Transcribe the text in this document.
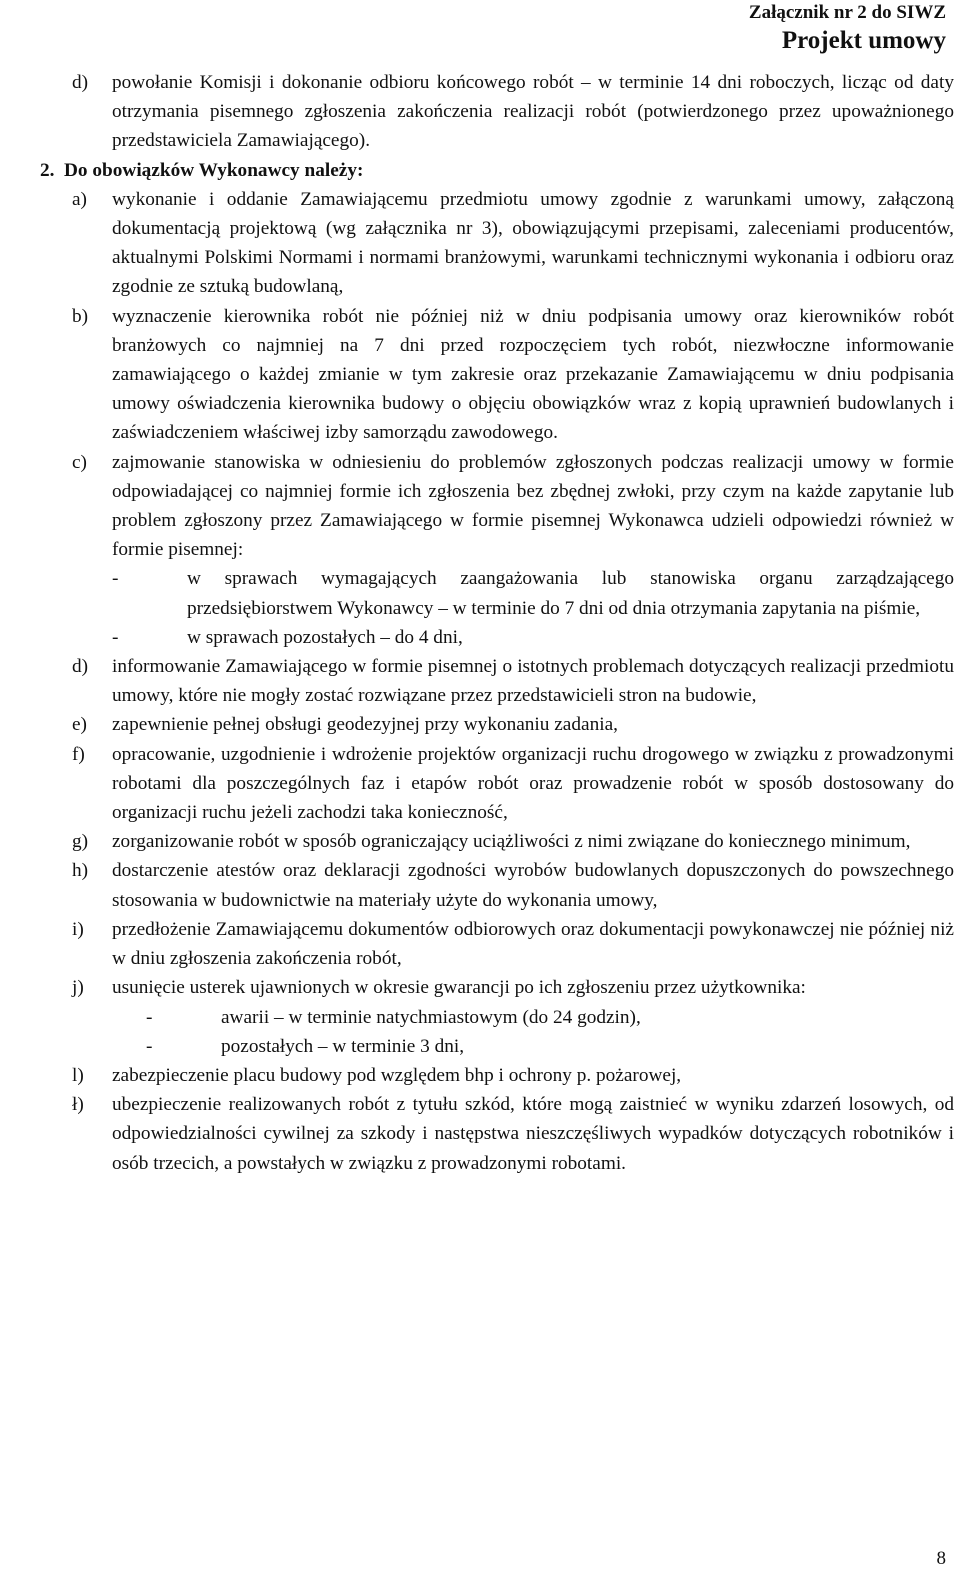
Załącznik nr 2 do SIWZ
Projekt umowy
d)	powołanie Komisji i dokonanie odbioru końcowego robót – w terminie 14 dni roboczych, licząc od daty otrzymania pisemnego zgłoszenia zakończenia realizacji robót (potwierdzonego przez upoważnionego przedstawiciela Zamawiającego).
2. Do obowiązków Wykonawcy należy:
a)	wykonanie i oddanie Zamawiającemu przedmiotu umowy zgodnie z warunkami umowy, załączoną dokumentacją projektową (wg załącznika nr 3), obowiązującymi przepisami, zaleceniami producentów, aktualnymi Polskimi Normami i normami branżowymi, warunkami technicznymi wykonania i odbioru oraz zgodnie ze sztuką budowlaną,
b)	wyznaczenie kierownika robót nie później niż w dniu podpisania umowy oraz kierowników robót branżowych co najmniej na 7 dni przed rozpoczęciem tych robót, niezwłoczne informowanie zamawiającego o każdej zmianie w tym zakresie oraz przekazanie Zamawiającemu w dniu podpisania umowy oświadczenia kierownika budowy o objęciu obowiązków wraz z kopią uprawnień budowlanych i zaświadczeniem właściwej izby samorządu zawodowego.
c)	zajmowanie stanowiska w odniesieniu do problemów zgłoszonych podczas realizacji umowy w formie odpowiadającej co najmniej formie ich zgłoszenia bez zbędnej zwłoki, przy czym na każde zapytanie lub problem zgłoszony przez Zamawiającego w formie pisemnej Wykonawca udzieli odpowiedzi również w formie pisemnej:
-	w sprawach wymagających zaangażowania lub stanowiska organu zarządzającego przedsiębiorstwem Wykonawcy – w terminie do 7 dni od dnia otrzymania zapytania na piśmie,
-	w sprawach pozostałych – do 4 dni,
d)	informowanie Zamawiającego w formie pisemnej o istotnych problemach dotyczących realizacji przedmiotu umowy, które nie mogły zostać rozwiązane przez przedstawicieli stron na budowie,
e)	zapewnienie pełnej obsługi geodezyjnej przy wykonaniu zadania,
f)	opracowanie, uzgodnienie i wdrożenie projektów organizacji ruchu drogowego w związku z prowadzonymi robotami dla poszczególnych faz i etapów robót oraz prowadzenie robót w sposób dostosowany do organizacji ruchu jeżeli zachodzi taka konieczność,
g)	zorganizowanie robót w sposób ograniczający uciążliwości z nimi związane do koniecznego minimum,
h)	dostarczenie atestów oraz deklaracji zgodności wyrobów budowlanych dopuszczonych do powszechnego stosowania w budownictwie na materiały użyte do wykonania umowy,
i)	przedłożenie Zamawiającemu dokumentów odbiorowych oraz dokumentacji powykonawczej nie później niż w dniu zgłoszenia zakończenia robót,
j)	usunięcie usterek ujawnionych w okresie gwarancji po ich zgłoszeniu przez użytkownika:
-	awarii – w terminie natychmiastowym (do 24 godzin),
-	pozostałych – w terminie 3 dni,
l)	zabezpieczenie placu budowy pod względem bhp i ochrony p. pożarowej,
ł)	ubezpieczenie realizowanych robót z tytułu szkód, które mogą zaistnieć w wyniku zdarzeń losowych, od odpowiedzialności cywilnej za szkody i następstwa nieszczęśliwych wypadków dotyczących robotników i osób trzecich, a powstałych w związku z prowadzonymi robotami.
8
